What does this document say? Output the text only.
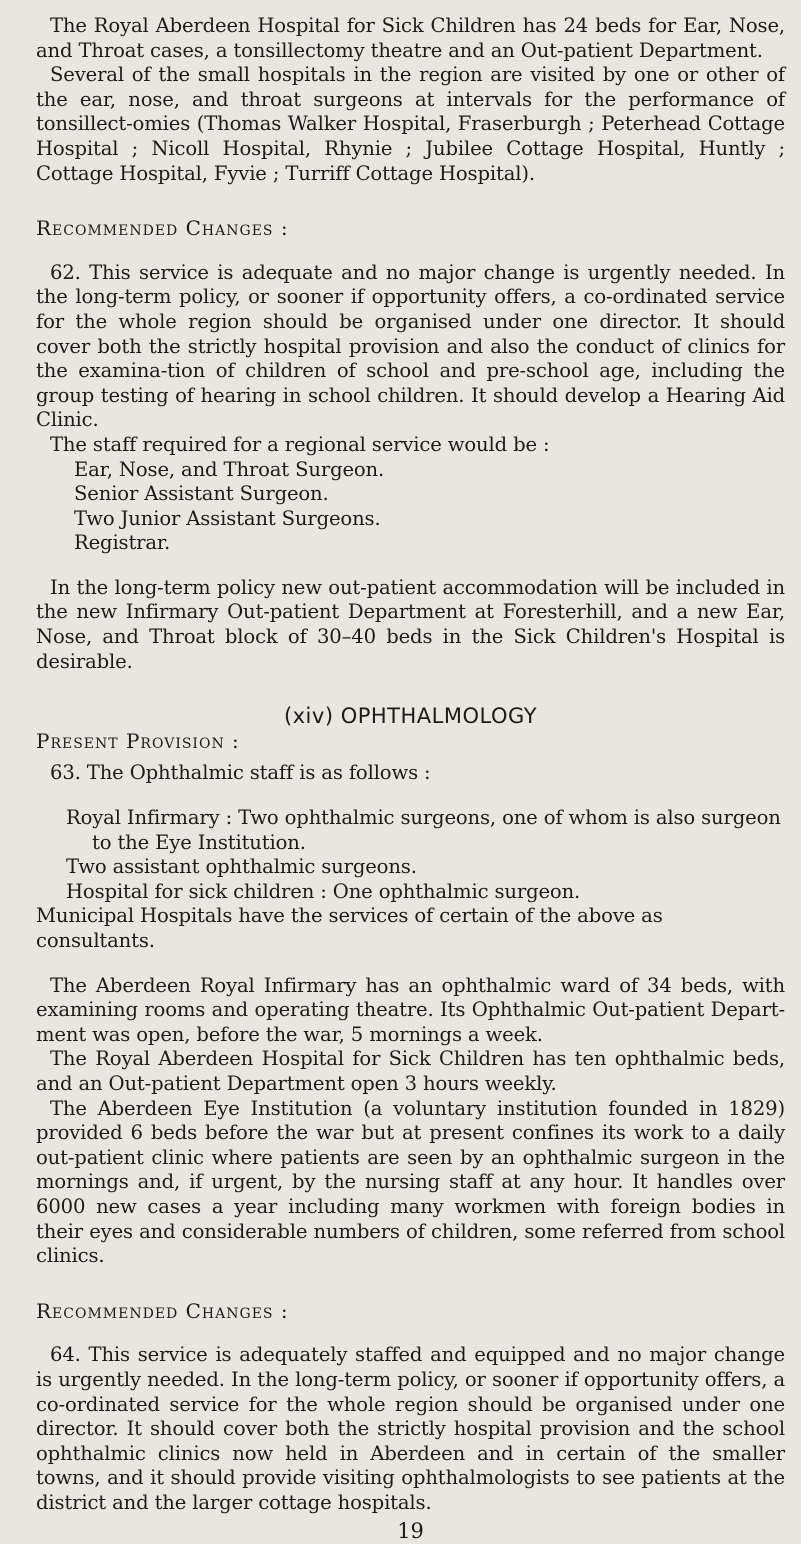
The Royal Aberdeen Hospital for Sick Children has 24 beds for Ear, Nose, and Throat cases, a tonsillectomy theatre and an Out-patient Department.

Several of the small hospitals in the region are visited by one or other of the ear, nose, and throat surgeons at intervals for the performance of tonsillect-omies (Thomas Walker Hospital, Fraserburgh ; Peterhead Cottage Hospital ; Nicoll Hospital, Rhynie ; Jubilee Cottage Hospital, Huntly ; Cottage Hospital, Fyvie ; Turriff Cottage Hospital).

Recommended Changes :

62. This service is adequate and no major change is urgently needed. In the long-term policy, or sooner if opportunity offers, a co-ordinated service for the whole region should be organised under one director. It should cover both the strictly hospital provision and also the conduct of clinics for the examina-tion of children of school and pre-school age, including the group testing of hearing in school children. It should develop a Hearing Aid Clinic.

The staff required for a regional service would be :

Ear, Nose, and Throat Surgeon.
Senior Assistant Surgeon.
Two Junior Assistant Surgeons.
Registrar.

In the long-term policy new out-patient accommodation will be included in the new Infirmary Out-patient Department at Foresterhill, and a new Ear, Nose, and Throat block of 30–40 beds in the Sick Children's Hospital is desirable.

(xiv) OPHTHALMOLOGY

Present Provision :

63. The Ophthalmic staff is as follows :

Royal Infirmary : Two ophthalmic surgeons, one of whom is also surgeon to the Eye Institution.
Two assistant ophthalmic surgeons.
Hospital for sick children : One ophthalmic surgeon.
Municipal Hospitals have the services of certain of the above as consultants.

The Aberdeen Royal Infirmary has an ophthalmic ward of 34 beds, with examining rooms and operating theatre. Its Ophthalmic Out-patient Depart-ment was open, before the war, 5 mornings a week.

The Royal Aberdeen Hospital for Sick Children has ten ophthalmic beds, and an Out-patient Department open 3 hours weekly.

The Aberdeen Eye Institution (a voluntary institution founded in 1829) provided 6 beds before the war but at present confines its work to a daily out-patient clinic where patients are seen by an ophthalmic surgeon in the mornings and, if urgent, by the nursing staff at any hour. It handles over 6000 new cases a year including many workmen with foreign bodies in their eyes and considerable numbers of children, some referred from school clinics.

Recommended Changes :

64. This service is adequately staffed and equipped and no major change is urgently needed. In the long-term policy, or sooner if opportunity offers, a co-ordinated service for the whole region should be organised under one director. It should cover both the strictly hospital provision and the school ophthalmic clinics now held in Aberdeen and in certain of the smaller towns, and it should provide visiting ophthalmologists to see patients at the district and the larger cottage hospitals.

19
